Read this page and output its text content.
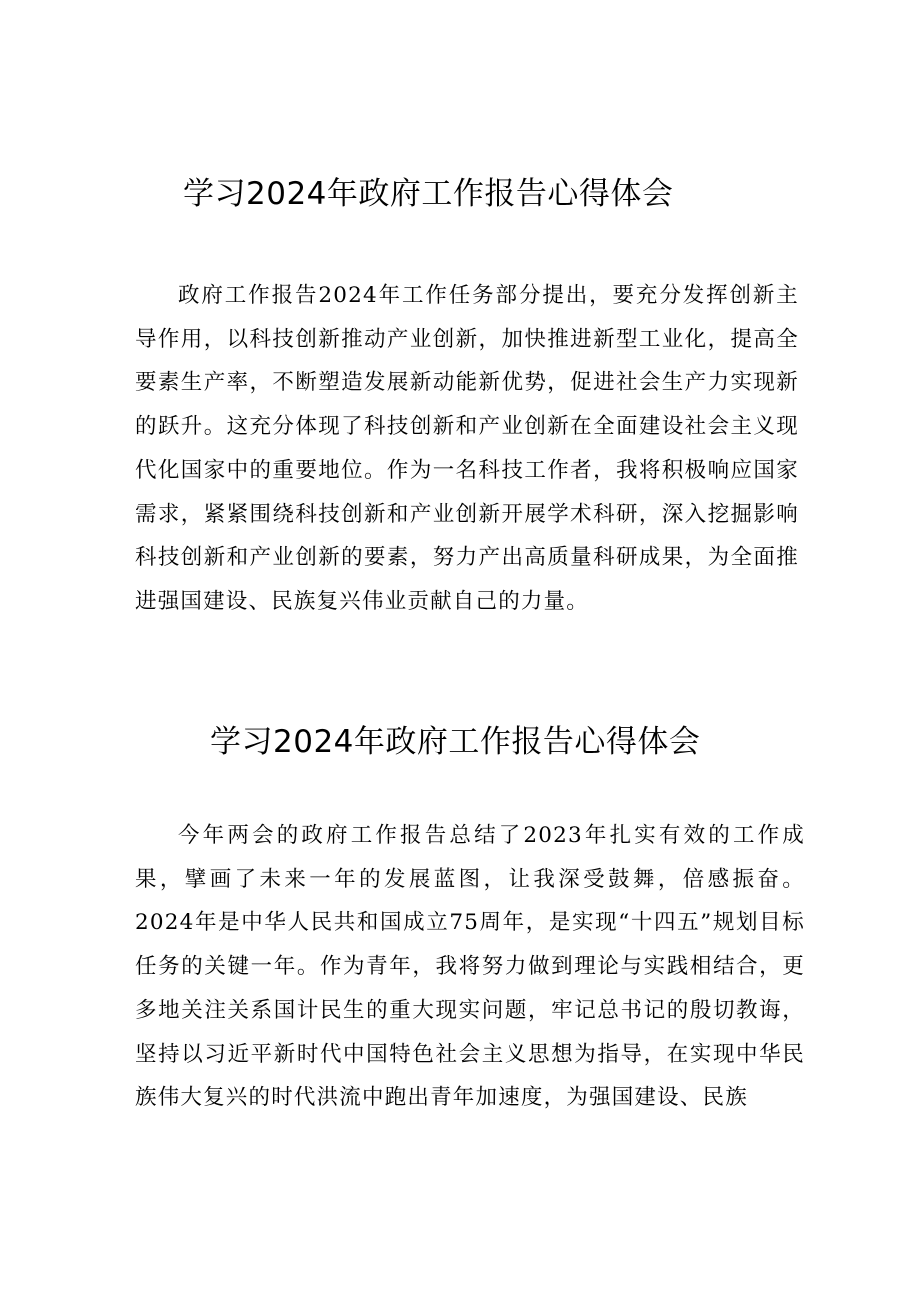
学习2024年政府工作报告心得体会

政府工作报告2024年工作任务部分提出，要充分发挥创新主导作用，以科技创新推动产业创新，加快推进新型工业化，提高全要素生产率，不断塑造发展新动能新优势，促进社会生产力实现新的跃升。这充分体现了科技创新和产业创新在全面建设社会主义现代化国家中的重要地位。作为一名科技工作者，我将积极响应国家需求，紧紧围绕科技创新和产业创新开展学术科研，深入挖掘影响科技创新和产业创新的要素，努力产出高质量科研成果，为全面推进强国建设、民族复兴伟业贡献自己的力量。

学习2024年政府工作报告心得体会

今年两会的政府工作报告总结了2023年扎实有效的工作成果，擘画了未来一年的发展蓝图，让我深受鼓舞，倍感振奋。2024年是中华人民共和国成立75周年，是实现“十四五”规划目标任务的关键一年。作为青年，我将努力做到理论与实践相结合，更多地关注关系国计民生的重大现实问题，牢记总书记的殷切教诲，坚持以习近平新时代中国特色社会主义思想为指导，在实现中华民族伟大复兴的时代洪流中跑出青年加速度，为强国建设、民族
